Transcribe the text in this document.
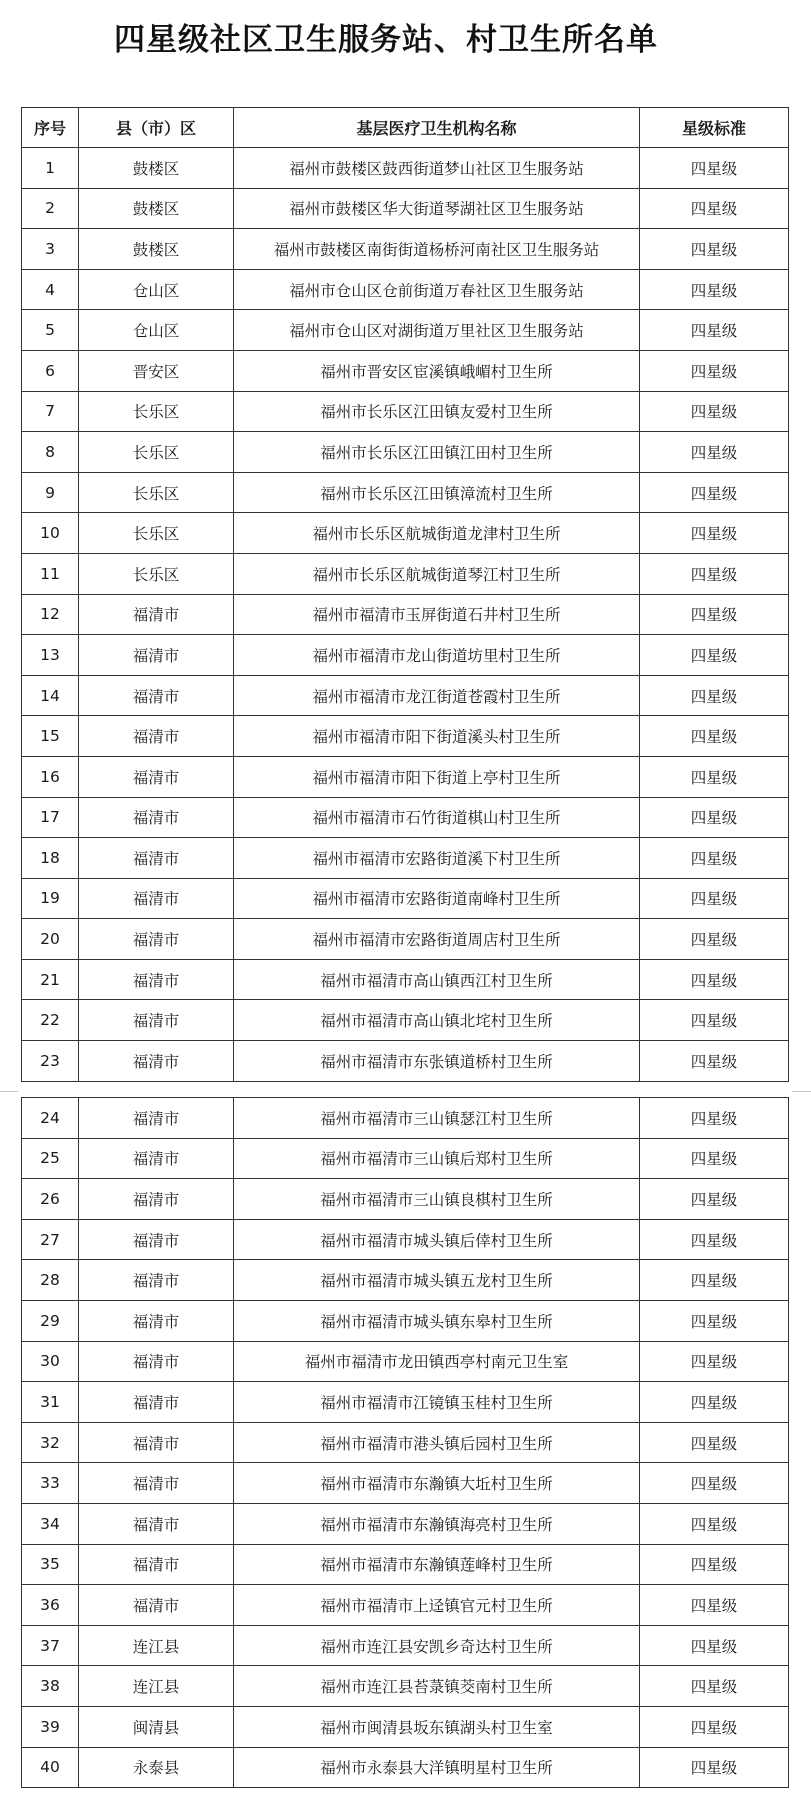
四星级社区卫生服务站、村卫生所名单
序号	县（市）区	基层医疗卫生机构名称	星级标准
1	鼓楼区	福州市鼓楼区鼓西街道梦山社区卫生服务站	四星级
2	鼓楼区	福州市鼓楼区华大街道琴湖社区卫生服务站	四星级
3	鼓楼区	福州市鼓楼区南街街道杨桥河南社区卫生服务站	四星级
4	仓山区	福州市仓山区仓前街道万春社区卫生服务站	四星级
5	仓山区	福州市仓山区对湖街道万里社区卫生服务站	四星级
6	晋安区	福州市晋安区宦溪镇峨嵋村卫生所	四星级
7	长乐区	福州市长乐区江田镇友爱村卫生所	四星级
8	长乐区	福州市长乐区江田镇江田村卫生所	四星级
9	长乐区	福州市长乐区江田镇漳流村卫生所	四星级
10	长乐区	福州市长乐区航城街道龙津村卫生所	四星级
11	长乐区	福州市长乐区航城街道琴江村卫生所	四星级
12	福清市	福州市福清市玉屏街道石井村卫生所	四星级
13	福清市	福州市福清市龙山街道坊里村卫生所	四星级
14	福清市	福州市福清市龙江街道苍霞村卫生所	四星级
15	福清市	福州市福清市阳下街道溪头村卫生所	四星级
16	福清市	福州市福清市阳下街道上亭村卫生所	四星级
17	福清市	福州市福清市石竹街道棋山村卫生所	四星级
18	福清市	福州市福清市宏路街道溪下村卫生所	四星级
19	福清市	福州市福清市宏路街道南峰村卫生所	四星级
20	福清市	福州市福清市宏路街道周店村卫生所	四星级
21	福清市	福州市福清市高山镇西江村卫生所	四星级
22	福清市	福州市福清市高山镇北垞村卫生所	四星级
23	福清市	福州市福清市东张镇道桥村卫生所	四星级
24	福清市	福州市福清市三山镇瑟江村卫生所	四星级
25	福清市	福州市福清市三山镇后郑村卫生所	四星级
26	福清市	福州市福清市三山镇良棋村卫生所	四星级
27	福清市	福州市福清市城头镇后倖村卫生所	四星级
28	福清市	福州市福清市城头镇五龙村卫生所	四星级
29	福清市	福州市福清市城头镇东皋村卫生所	四星级
30	福清市	福州市福清市龙田镇西亭村南元卫生室	四星级
31	福清市	福州市福清市江镜镇玉桂村卫生所	四星级
32	福清市	福州市福清市港头镇后园村卫生所	四星级
33	福清市	福州市福清市东瀚镇大坵村卫生所	四星级
34	福清市	福州市福清市东瀚镇海亮村卫生所	四星级
35	福清市	福州市福清市东瀚镇莲峰村卫生所	四星级
36	福清市	福州市福清市上迳镇官元村卫生所	四星级
37	连江县	福州市连江县安凯乡奇达村卫生所	四星级
38	连江县	福州市连江县苔菉镇茭南村卫生所	四星级
39	闽清县	福州市闽清县坂东镇湖头村卫生室	四星级
40	永泰县	福州市永泰县大洋镇明星村卫生所	四星级
